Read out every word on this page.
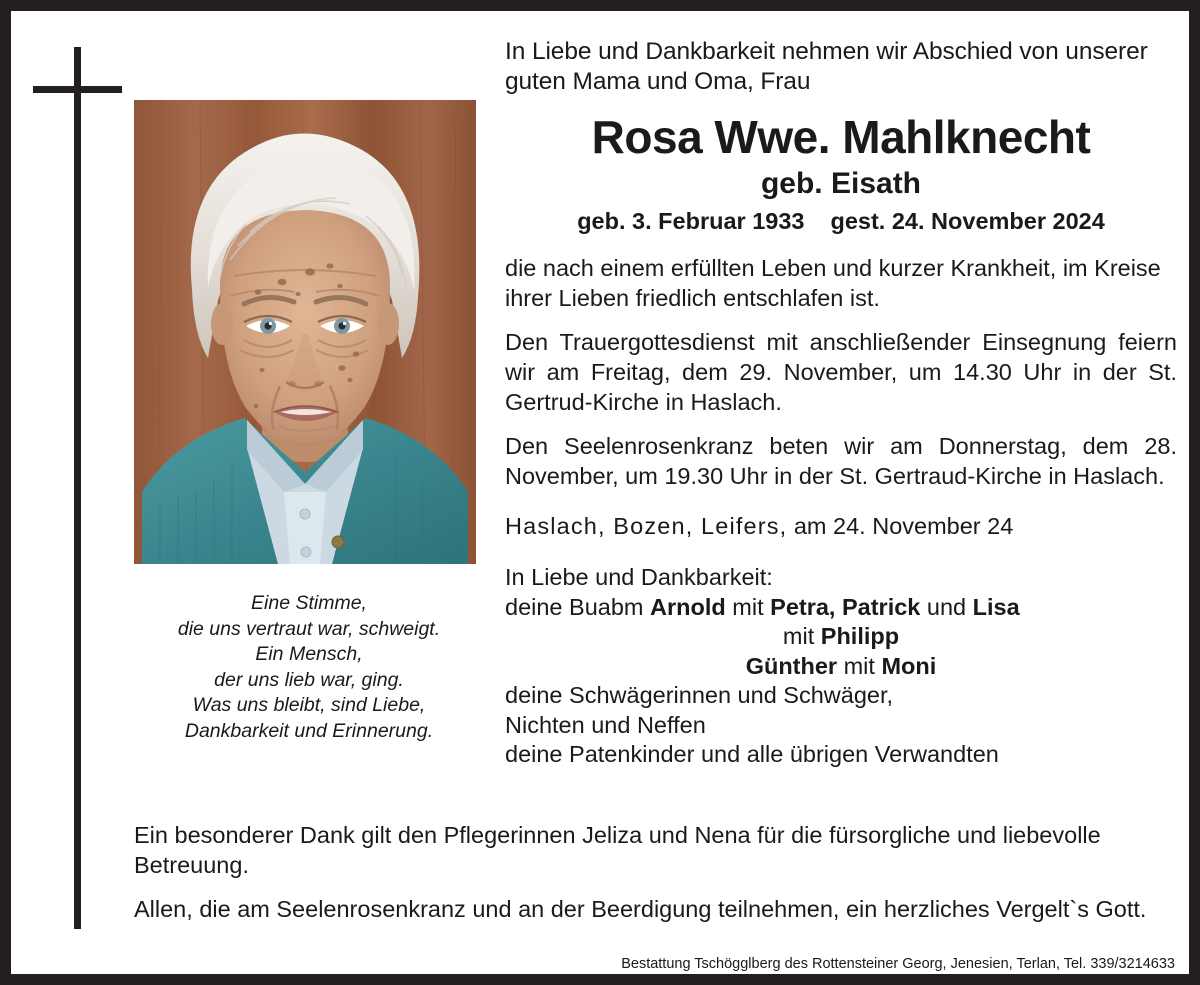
Eine Stimme,
die uns vertraut war, schweigt.
Ein Mensch,
der uns lieb war, ging.
Was uns bleibt, sind Liebe,
Dankbarkeit und Erinnerung.
In Liebe und Dankbarkeit nehmen wir Abschied von unserer guten Mama und Oma, Frau
Rosa Wwe. Mahlknecht
geb. Eisath
geb. 3. Februar 1933 gest. 24. November 2024
die nach einem erfüllten Leben und kurzer Krankheit, im Kreise ihrer Lieben friedlich entschlafen ist.
Den Trauergottesdienst mit anschließender Einsegnung feiern wir am Freitag, dem 29. November, um 14.30 Uhr in der St. Gertrud-Kirche in Haslach.
Den Seelenrosenkranz beten wir am Donnerstag, dem 28. November, um 19.30 Uhr in der St. Gertraud-Kirche in Haslach.
Haslach, Bozen, Leifers, am 24. November 24
In Liebe und Dankbarkeit:
deine Buabm Arnold mit Petra, Patrick und Lisa
mit Philipp
Günther mit Moni
deine Schwägerinnen und Schwäger,
Nichten und Neffen
deine Patenkinder und alle übrigen Verwandten
Ein besonderer Dank gilt den Pflegerinnen Jeliza und Nena für die fürsorgliche und liebevolle Betreuung.
Allen, die am Seelenrosenkranz und an der Beerdigung teilnehmen, ein herzliches Vergelt`s Gott.
Bestattung Tschögglberg des Rottensteiner Georg, Jenesien, Terlan, Tel. 339/3214633
